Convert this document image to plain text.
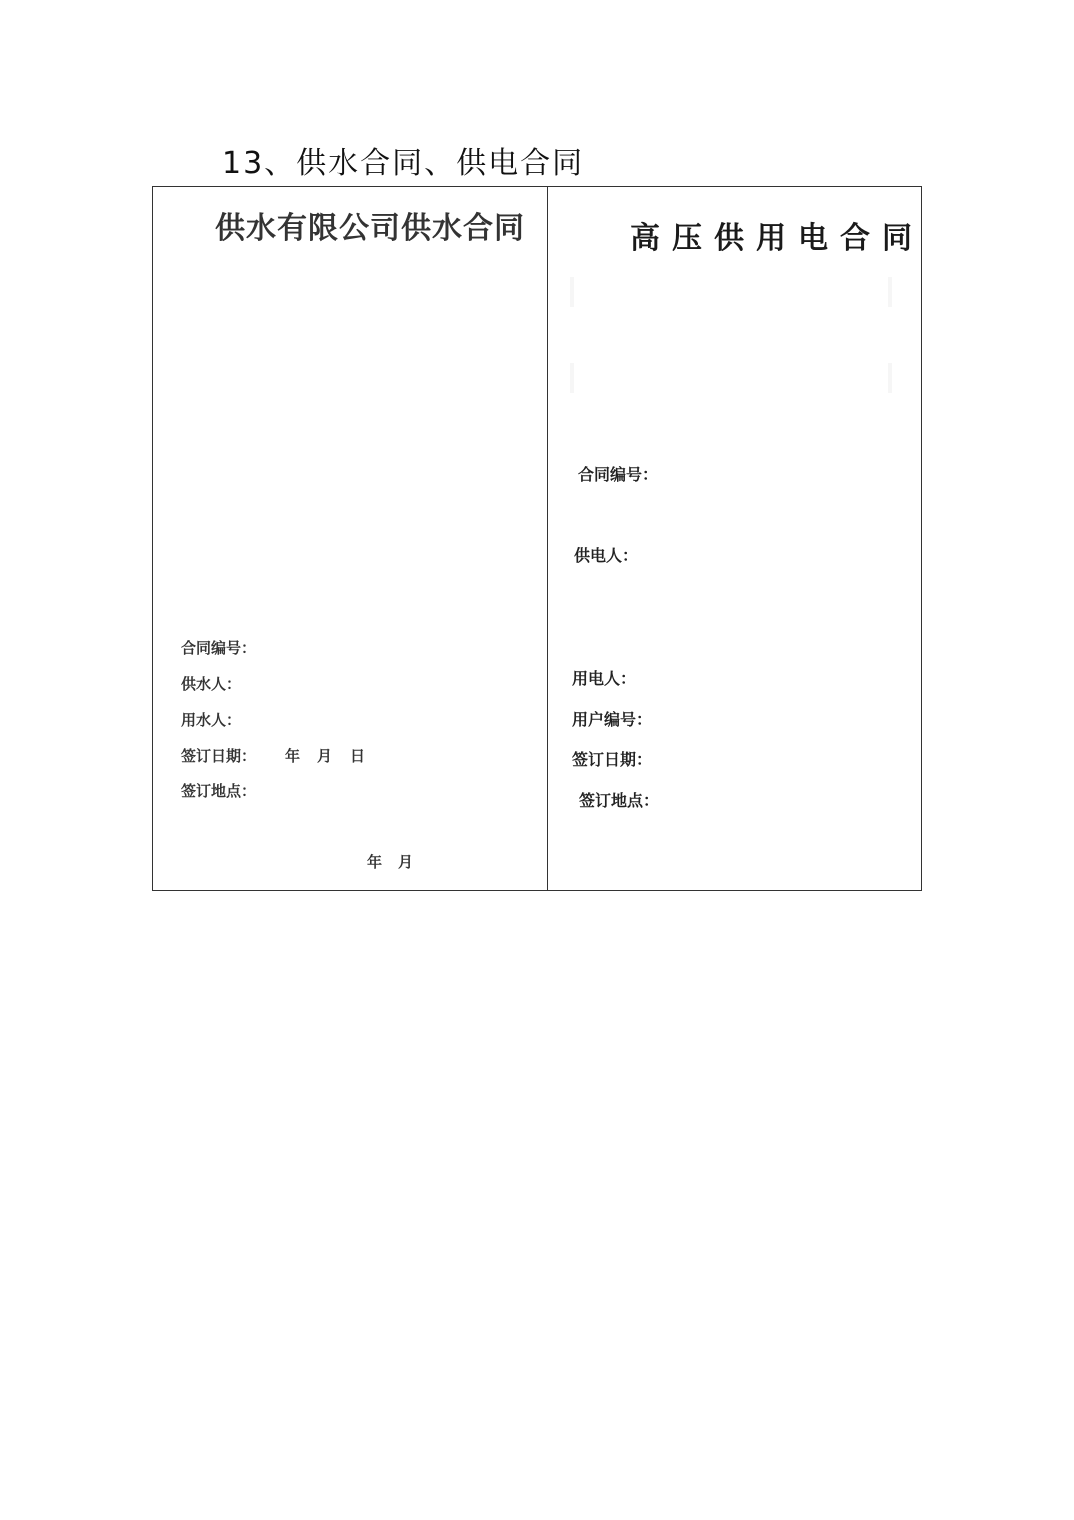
13、供水合同、供电合同
供水有限公司供水合同
合同编号：
供水人：
用水人：
签订日期： 年 月 日
签订地点：
年 月
高压供用电合同
合同编号：
供电人：
用电人：
用户编号：
签订日期：
签订地点：
